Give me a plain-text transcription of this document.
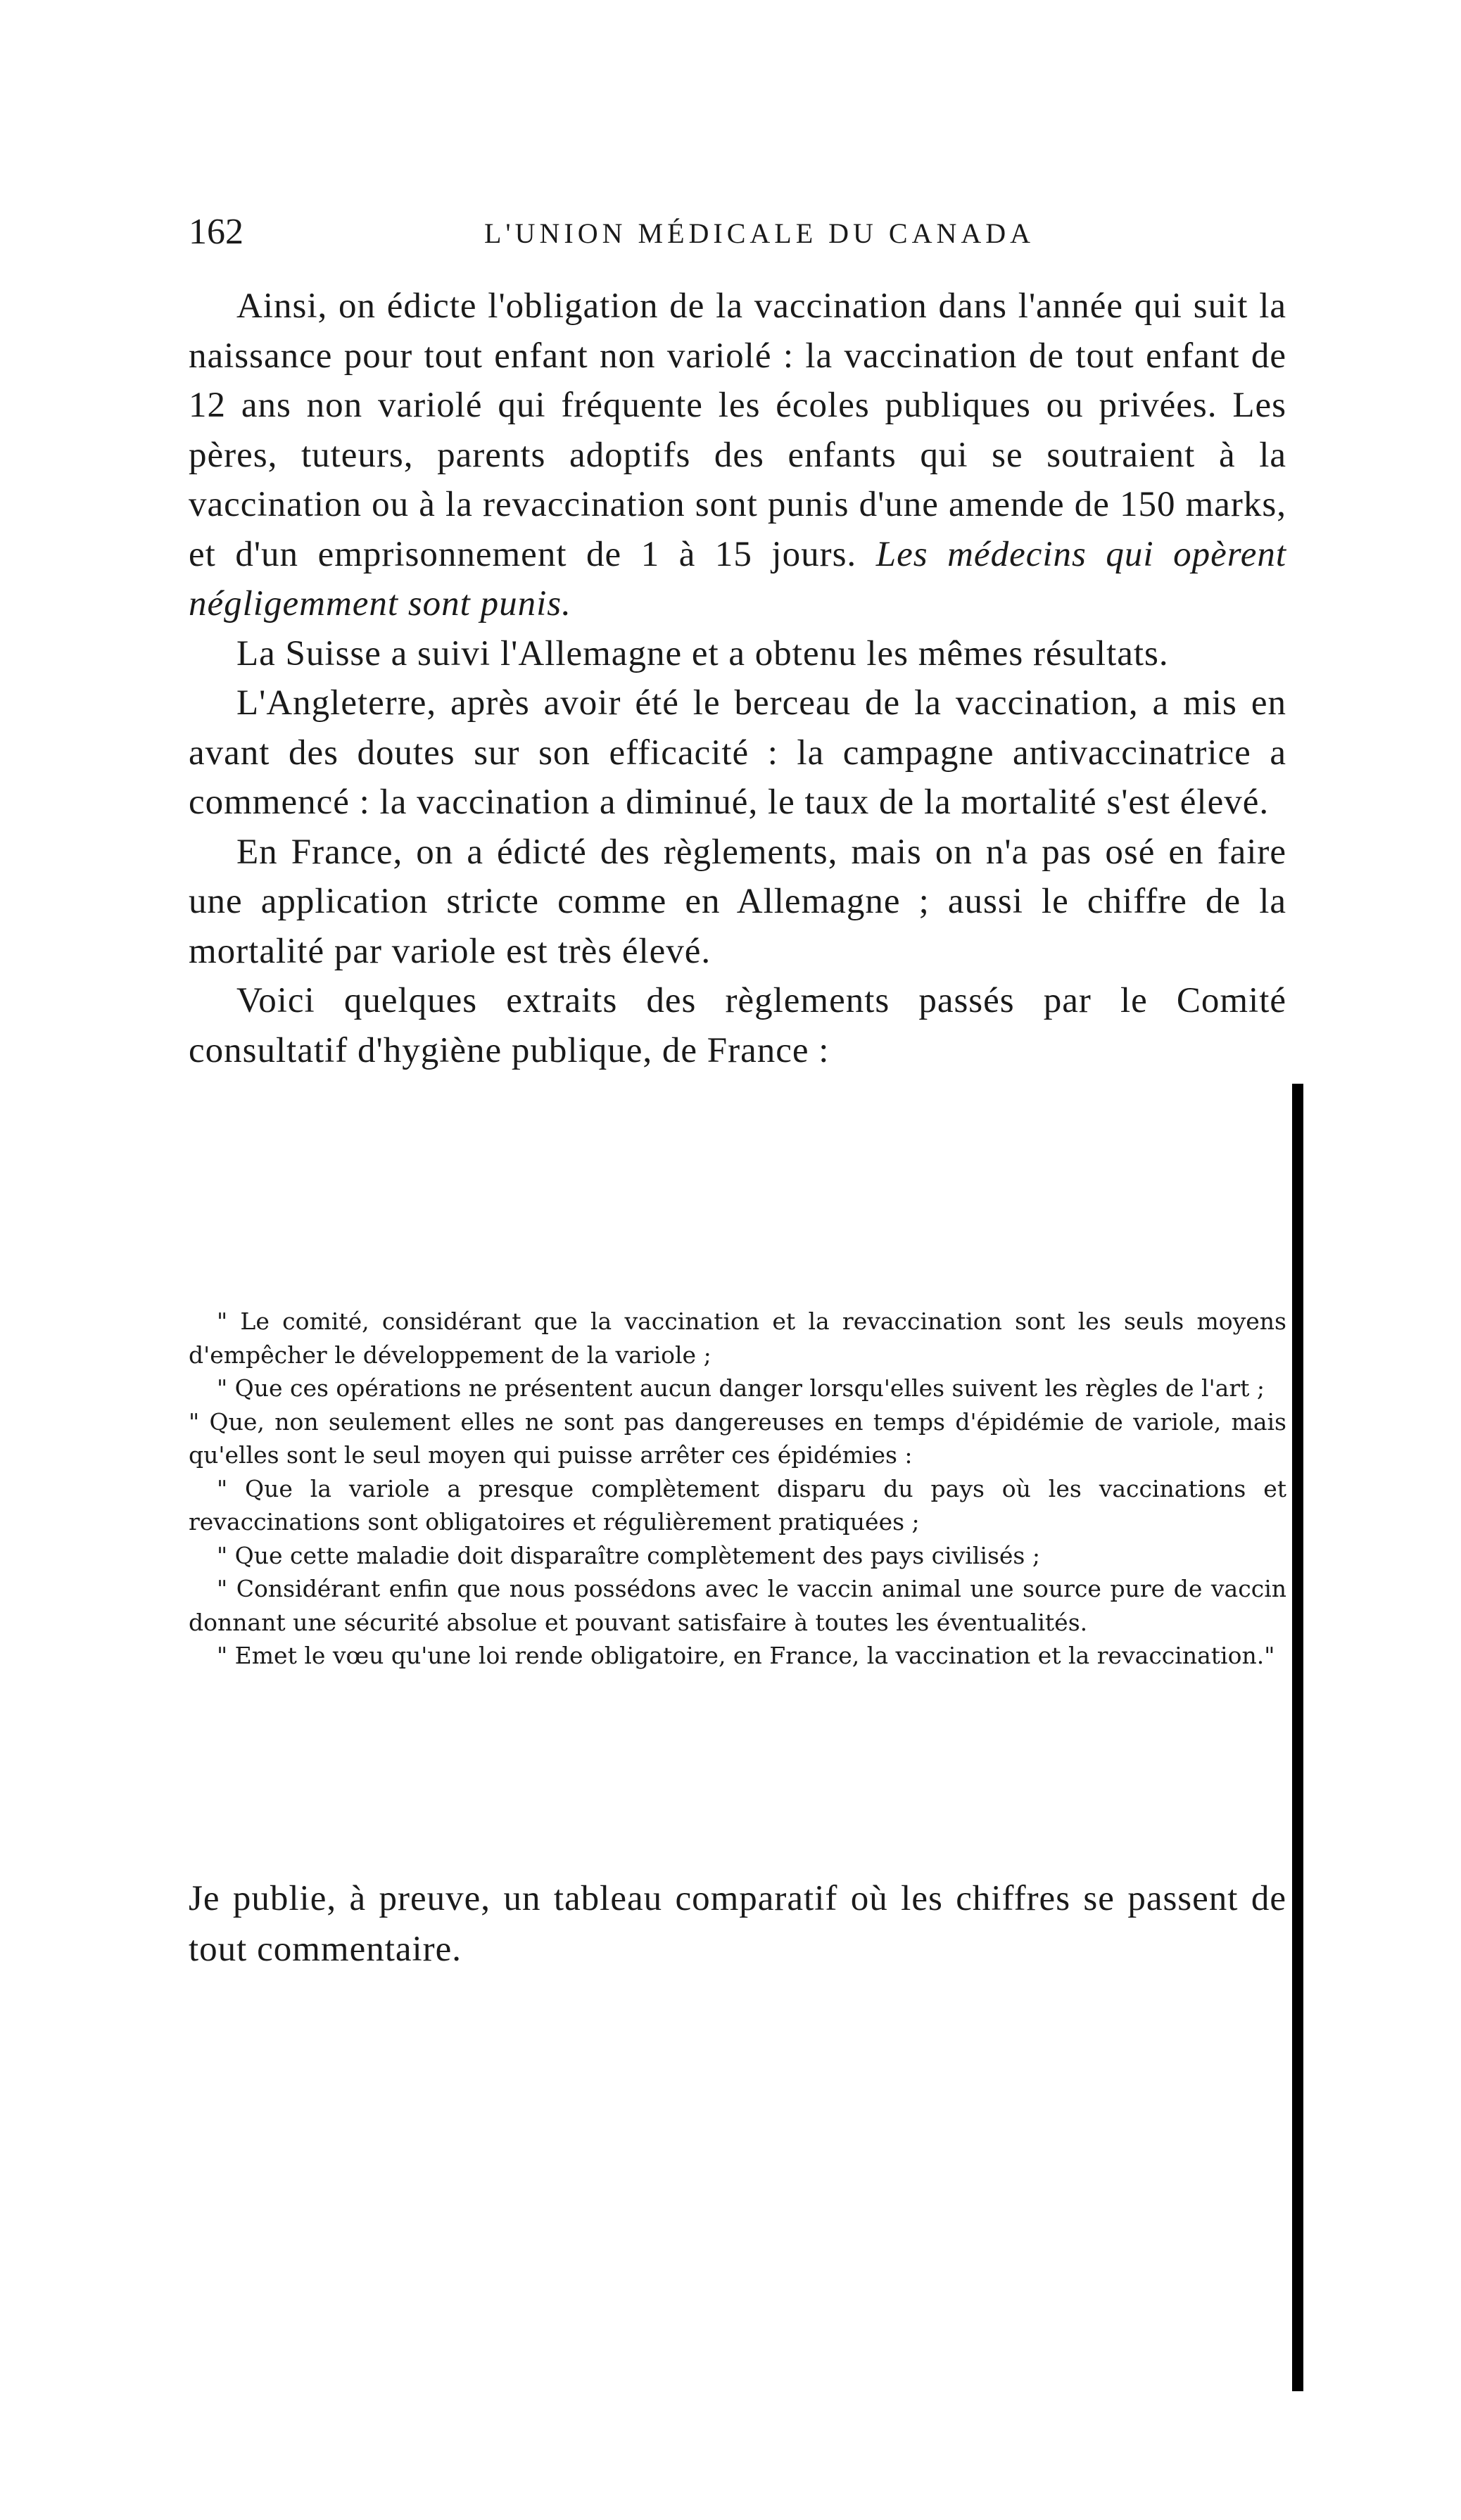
162	L'UNION MÉDICALE DU CANADA

Ainsi, on édicte l'obligation de la vaccination dans l'année qui suit la naissance pour tout enfant non variolé : la vaccination de tout enfant de 12 ans non variolé qui fréquente les écoles publiques ou privées. Les pères, tuteurs, parents adoptifs des enfants qui se soutraient à la vaccination ou à la revaccination sont punis d'une amende de 150 marks, et d'un emprisonnement de 1 à 15 jours. Les médecins qui opèrent négligemment sont punis.

La Suisse a suivi l'Allemagne et a obtenu les mêmes résultats.

L'Angleterre, après avoir été le berceau de la vaccination, a mis en avant des doutes sur son efficacité : la campagne antivaccinatrice a commencé : la vaccination a diminué, le taux de la mortalité s'est élevé.

En France, on a édicté des règlements, mais on n'a pas osé en faire une application stricte comme en Allemagne ; aussi le chiffre de la mortalité par variole est très élevé.

Voici quelques extraits des règlements passés par le Comité consultatif d'hygiène publique, de France :

" Le comité, considérant que la vaccination et la revaccination sont les seuls moyens d'empêcher le développement de la variole ;

" Que ces opérations ne présentent aucun danger lorsqu'elles suivent les règles de l'art ;

" Que, non seulement elles ne sont pas dangereuses en temps d'épidémie de variole, mais qu'elles sont le seul moyen qui puisse arrêter ces épidémies :

" Que la variole a presque complètement disparu du pays où les vaccinations et revaccinations sont obligatoires et régulièrement pratiquées ;

" Que cette maladie doit disparaître complètement des pays civilisés ;

" Considérant enfin que nous possédons avec le vaccin animal une source pure de vaccin donnant une sécurité absolue et pouvant satisfaire à toutes les éventualités.

" Emet le vœu qu'une loi rende obligatoire, en France, la vaccination et la revaccination."

Je publie, à preuve, un tableau comparatif où les chiffres se passent de tout commentaire.
